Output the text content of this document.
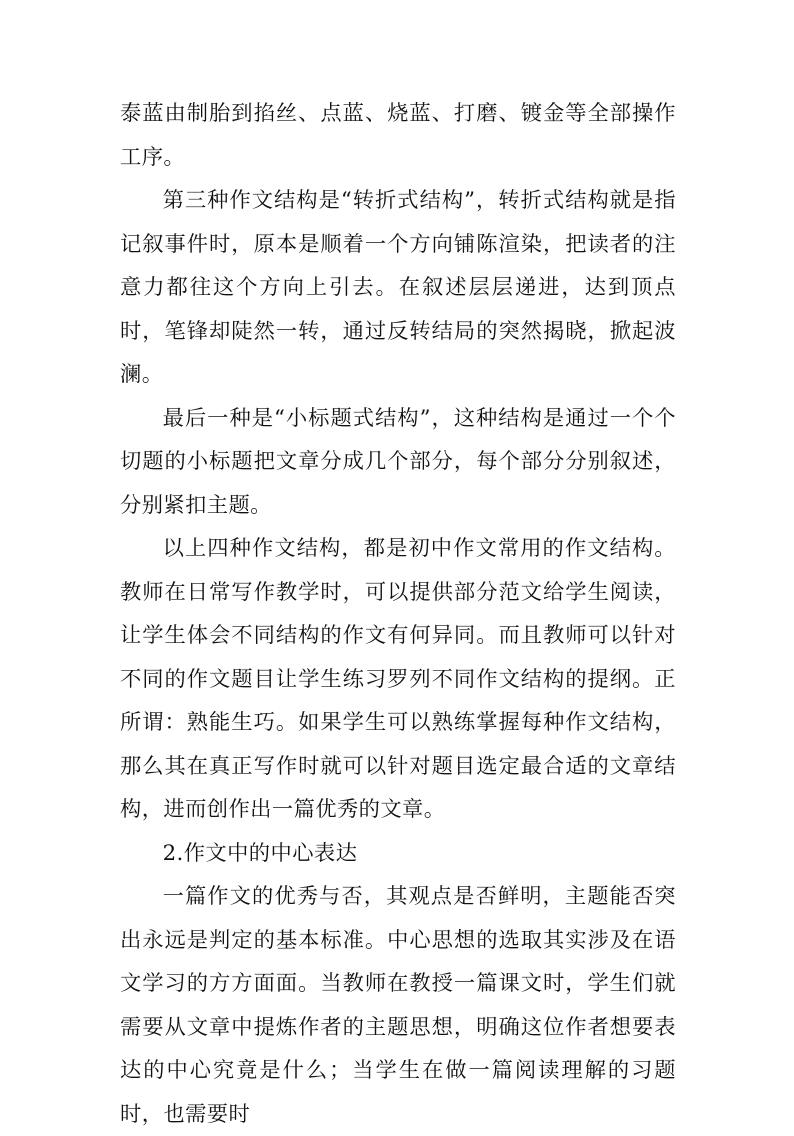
泰蓝由制胎到掐丝、点蓝、烧蓝、打磨、镀金等全部操作工序。

第三种作文结构是“转折式结构”，转折式结构就是指记叙事件时，原本是顺着一个方向铺陈渲染，把读者的注意力都往这个方向上引去。在叙述层层递进，达到顶点时，笔锋却陡然一转，通过反转结局的突然揭晓，掀起波澜。

最后一种是“小标题式结构”，这种结构是通过一个个切题的小标题把文章分成几个部分，每个部分分别叙述，分别紧扣主题。

以上四种作文结构，都是初中作文常用的作文结构。教师在日常写作教学时，可以提供部分范文给学生阅读，让学生体会不同结构的作文有何异同。而且教师可以针对不同的作文题目让学生练习罗列不同作文结构的提纲。正所谓：熟能生巧。如果学生可以熟练掌握每种作文结构，那么其在真正写作时就可以针对题目选定最合适的文章结构，进而创作出一篇优秀的文章。

2.作文中的中心表达

一篇作文的优秀与否，其观点是否鲜明，主题能否突出永远是判定的基本标准。中心思想的选取其实涉及在语文学习的方方面面。当教师在教授一篇课文时，学生们就需要从文章中提炼作者的主题思想，明确这位作者想要表达的中心究竟是什么；当学生在做一篇阅读理解的习题时，也需要时
